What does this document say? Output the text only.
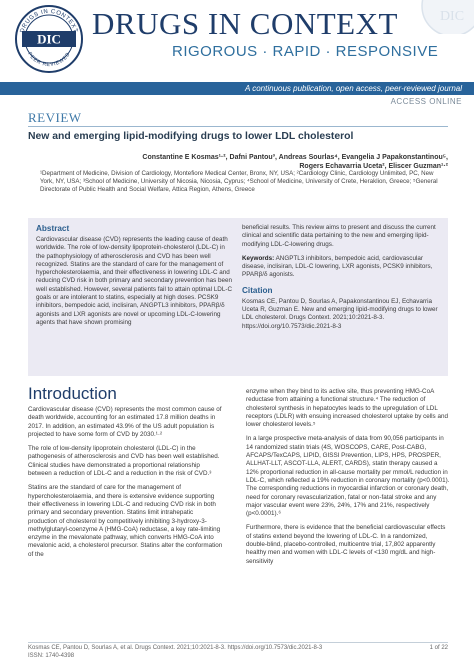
DIC
DRUGS IN CONTEXT
PEER REVIEWED
DRUGS IN CONTEXT
RIGOROUS · RAPID · RESPONSIVE
DIC
A continuous publication, open access, peer-reviewed journal
ACCESS ONLINE
REVIEW
New and emerging lipid-modifying drugs to lower LDL cholesterol
Constantine E Kosmas¹·², Dafni Pantou³, Andreas Sourlas⁴, Evangelia J Papakonstantinou⁵,
Rogers Echavarria Uceta², Eliscer Guzman¹·²
¹Department of Medicine, Division of Cardiology, Montefiore Medical Center, Bronx, NY, USA; ²Cardiology Clinic, Cardiology Unlimited, PC, New York, NY, USA; ³School of Medicine, University of Nicosia, Nicosia, Cyprus; ⁴School of Medicine, University of Crete, Heraklion, Greece; ⁵General Directorate of Public Health and Social Welfare, Attica Region, Athens, Greece
Abstract
Cardiovascular disease (CVD) represents the leading cause of death worldwide. The role of low-density lipoprotein-cholesterol (LDL-C) in the pathophysiology of atherosclerosis and CVD has been well recognized. Statins are the standard of care for the management of hypercholesterolaemia, and their effectiveness in lowering LDL-C and reducing CVD risk in both primary and secondary prevention has been well established. However, several patients fail to attain optimal LDL-C goals or are intolerant to statins, especially at high doses. PCSK9 inhibitors, bempedoic acid, inclisiran, ANGPTL3 inhibitors, PPARβ/δ agonists and LXR agonists are novel or upcoming LDL-C-lowering agents that have shown promising
beneficial results. This review aims to present and discuss the current clinical and scientific data pertaining to the new and emerging lipid-modifying LDL-C-lowering drugs.
Keywords: ANGPTL3 inhibitors, bempedoic acid, cardiovascular disease, inclisiran, LDL-C lowering, LXR agonists, PCSK9 inhibitors, PPARβ/δ agonists.
Citation
Kosmas CE, Pantou D, Sourlas A, Papakonstantinou EJ, Echavarria Uceta R, Guzman E. New and emerging lipid-modifying drugs to lower LDL cholesterol. Drugs Context. 2021;10:2021-8-3. https://doi.org/10.7573/dic.2021-8-3
Introduction

Cardiovascular disease (CVD) represents the most common cause of death worldwide, accounting for an estimated 17.8 million deaths in 2017. In addition, an estimated 43.9% of the US adult population is projected to have some form of CVD by 2030.¹·²

The role of low-density lipoprotein cholesterol (LDL-C) in the pathogenesis of atherosclerosis and CVD has been well established. Clinical studies have demonstrated a proportional relationship between a reduction of LDL-C and a reduction in the risk of CVD.³

Statins are the standard of care for the management of hypercholesterolaemia, and there is extensive evidence supporting their effectiveness in lowering LDL-C and reducing CVD risk in both primary and secondary prevention. Statins limit intrahepatic production of cholesterol by competitively inhibiting 3-hydroxy-3-methylglutaryl-coenzyme A (HMG-CoA) reductase, a key rate-limiting enzyme in the mevalonate pathway, which converts HMG-CoA into mevalonic acid, a cholesterol precursor. Statins alter the conformation of the

enzyme when they bind to its active site, thus preventing HMG-CoA reductase from attaining a functional structure.⁴ The reduction of cholesterol synthesis in hepatocytes leads to the upregulation of LDL receptors (LDLR) with ensuing increased cholesterol uptake by cells and lower cholesterol levels.⁵

In a large prospective meta-analysis of data from 90,056 participants in 14 randomized statin trials (4S, WOSCOPS, CARE, Post-CABG, AFCAPS/TexCAPS, LIPID, GISSI Prevention, LIPS, HPS, PROSPER, ALLHAT-LLT, ASCOT-LLA, ALERT, CARDS), statin therapy caused a 12% proportional reduction in all-cause mortality per mmol/L reduction in LDL-C, which reflected a 19% reduction in coronary mortality (p<0.0001). The corresponding reductions in myocardial infarction or coronary death, need for coronary revascularization, fatal or non-fatal stroke and any major vascular event were 23%, 24%, 17% and 21%, respectively (p<0.0001).⁶

Furthermore, there is evidence that the beneficial cardiovascular effects of statins extend beyond the lowering of LDL-C. In a randomized, double-blind, placebo-controlled, multicentre trial, 17,802 apparently healthy men and women with LDL-C levels of <130 mg/dL and high-sensitivity

Kosmas CE, Pantou D, Sourlas A, et al. Drugs Context. 2021;10:2021-8-3. https://doi.org/10.7573/dic.2021-8-3
ISSN: 1740-4398
1 of 22
